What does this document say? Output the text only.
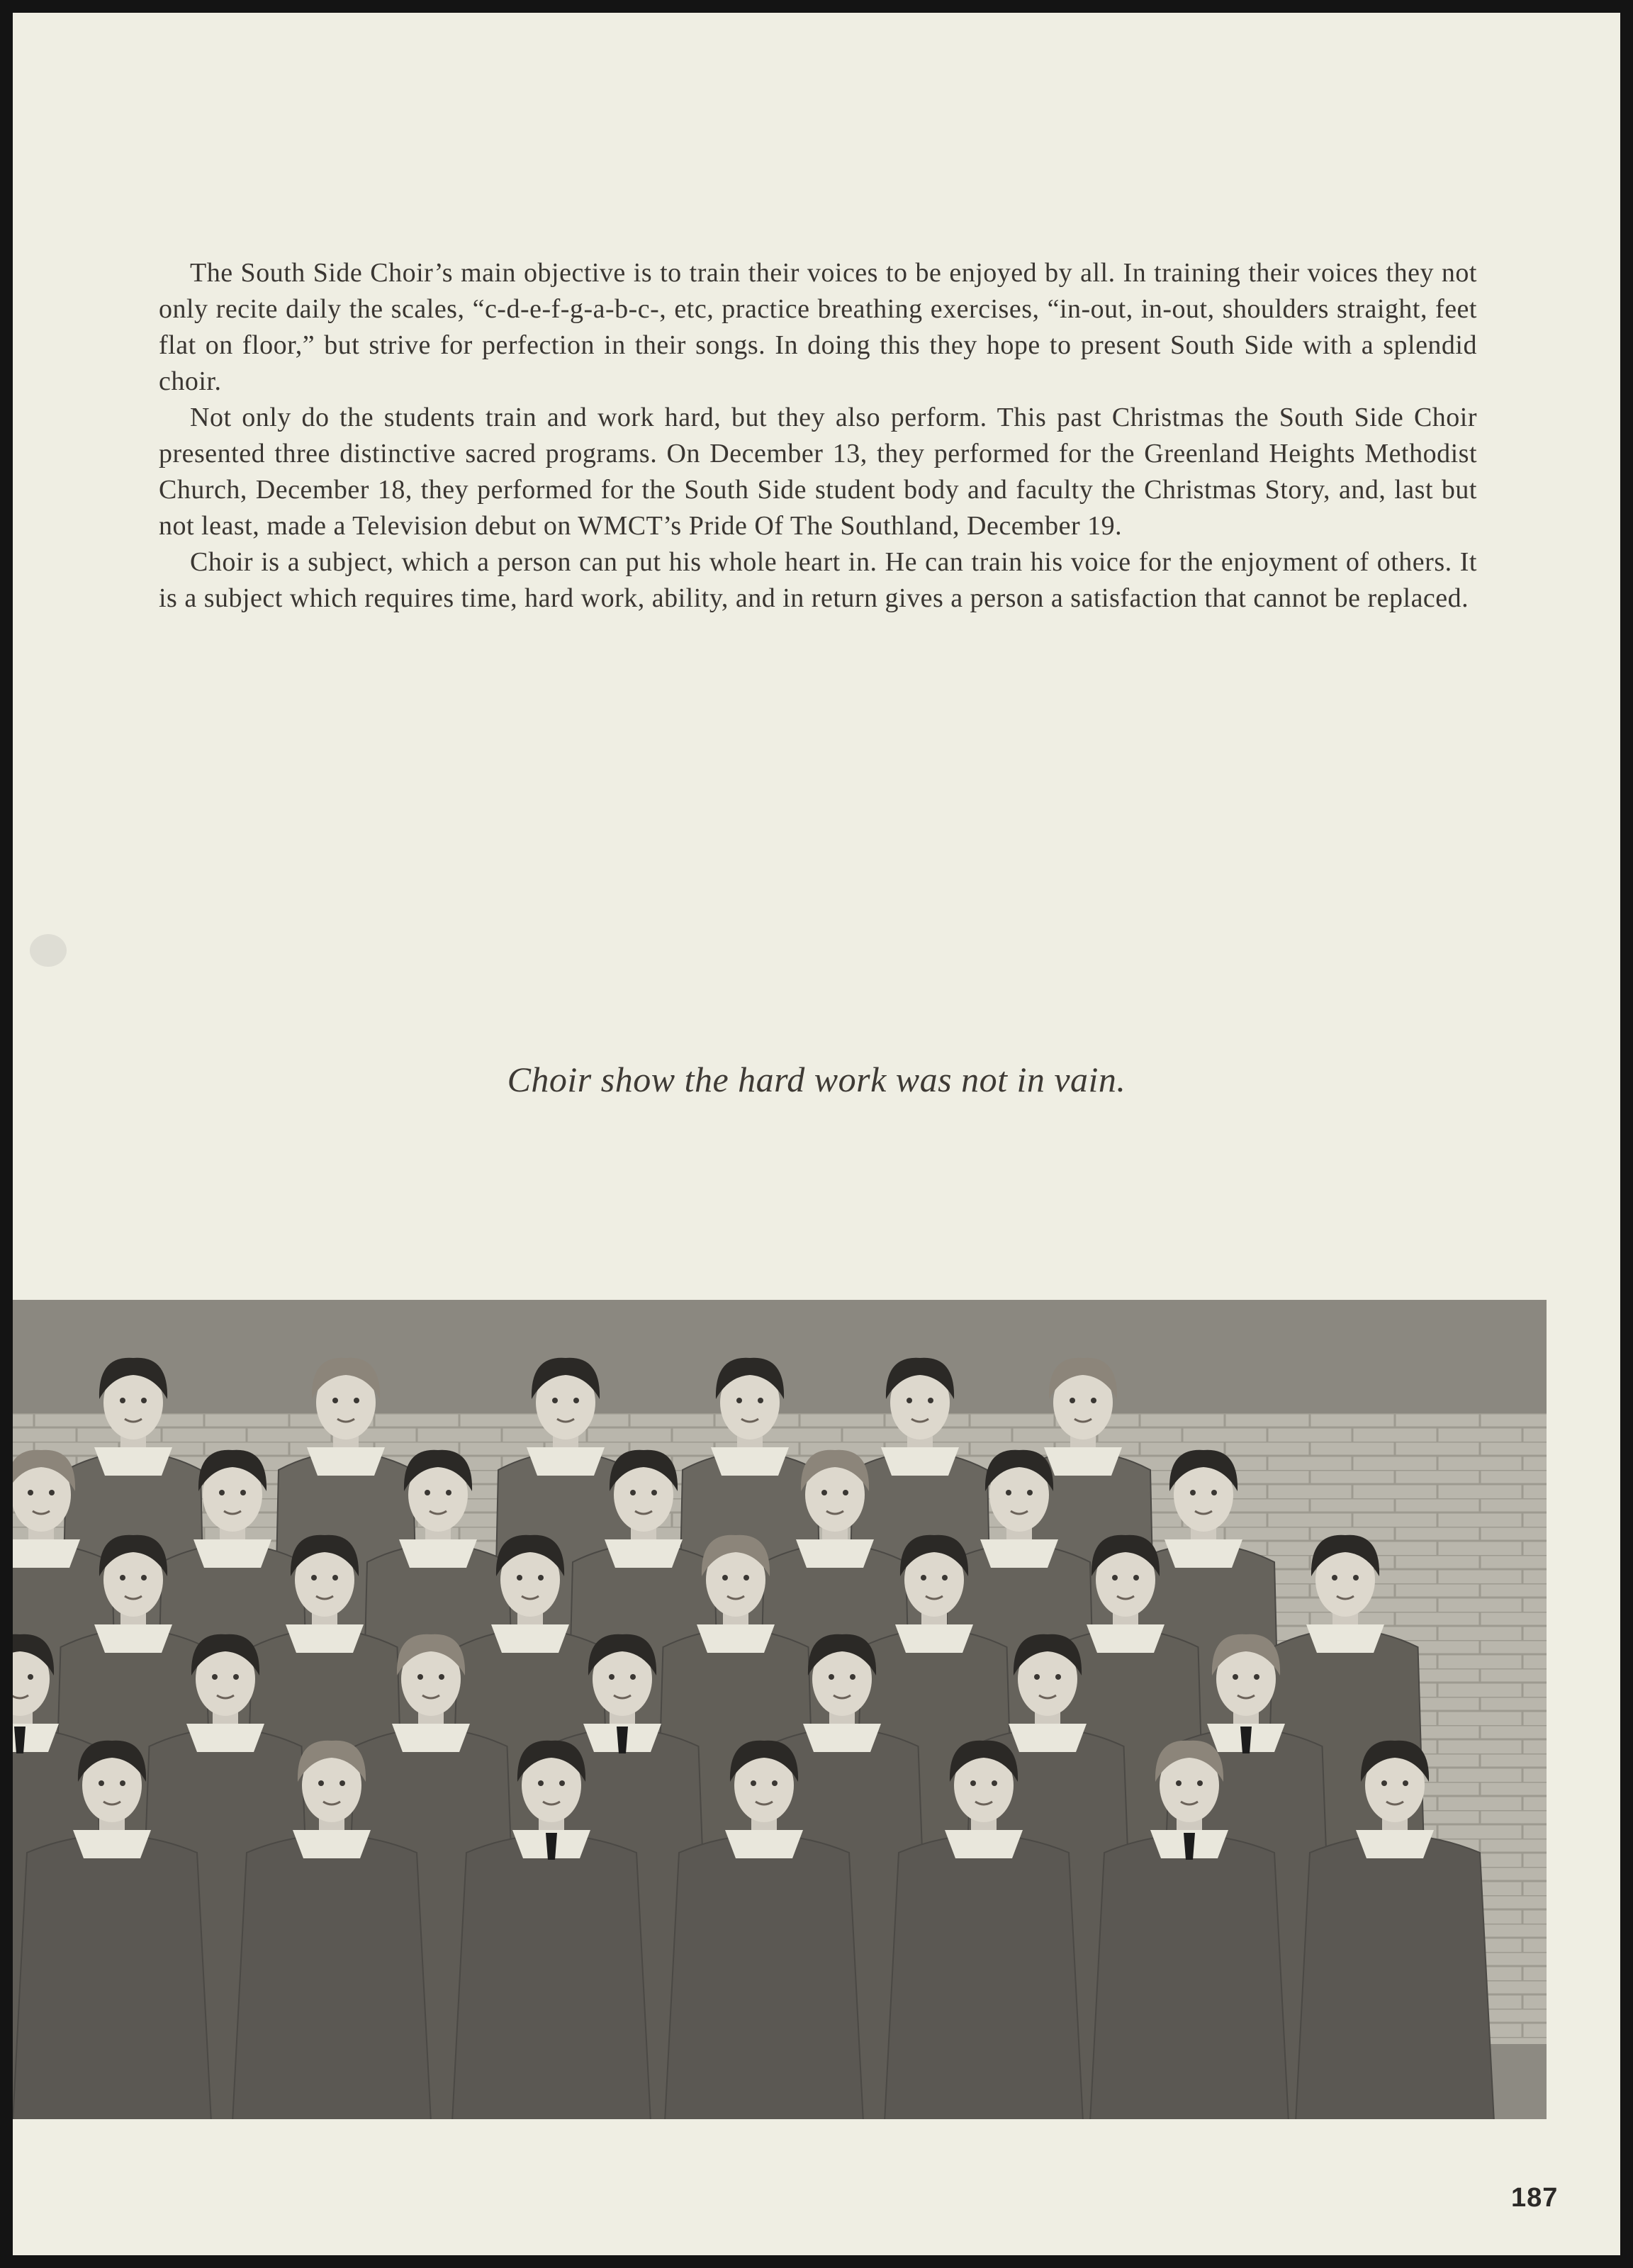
The South Side Choir’s main objective is to train their voices to be enjoyed by all. In training their voices they not only recite daily the scales, “c-d-e-f-g-a-b-c-, etc, practice breathing exercises, “in-out, in-out, shoulders straight, feet flat on floor,” but strive for perfection in their songs. In doing this they hope to present South Side with a splendid choir.

Not only do the students train and work hard, but they also perform. This past Christmas the South Side Choir presented three distinctive sacred programs. On December 13, they performed for the Greenland Heights Methodist Church, December 18, they performed for the South Side student body and faculty the Christmas Story, and, last but not least, made a Television debut on WMCT’s Pride Of The Southland, December 19.

Choir is a subject, which a person can put his whole heart in. He can train his voice for the enjoyment of others. It is a subject which requires time, hard work, ability, and in return gives a person a satisfaction that cannot be replaced.

Choir show the hard work was not in vain.
187
